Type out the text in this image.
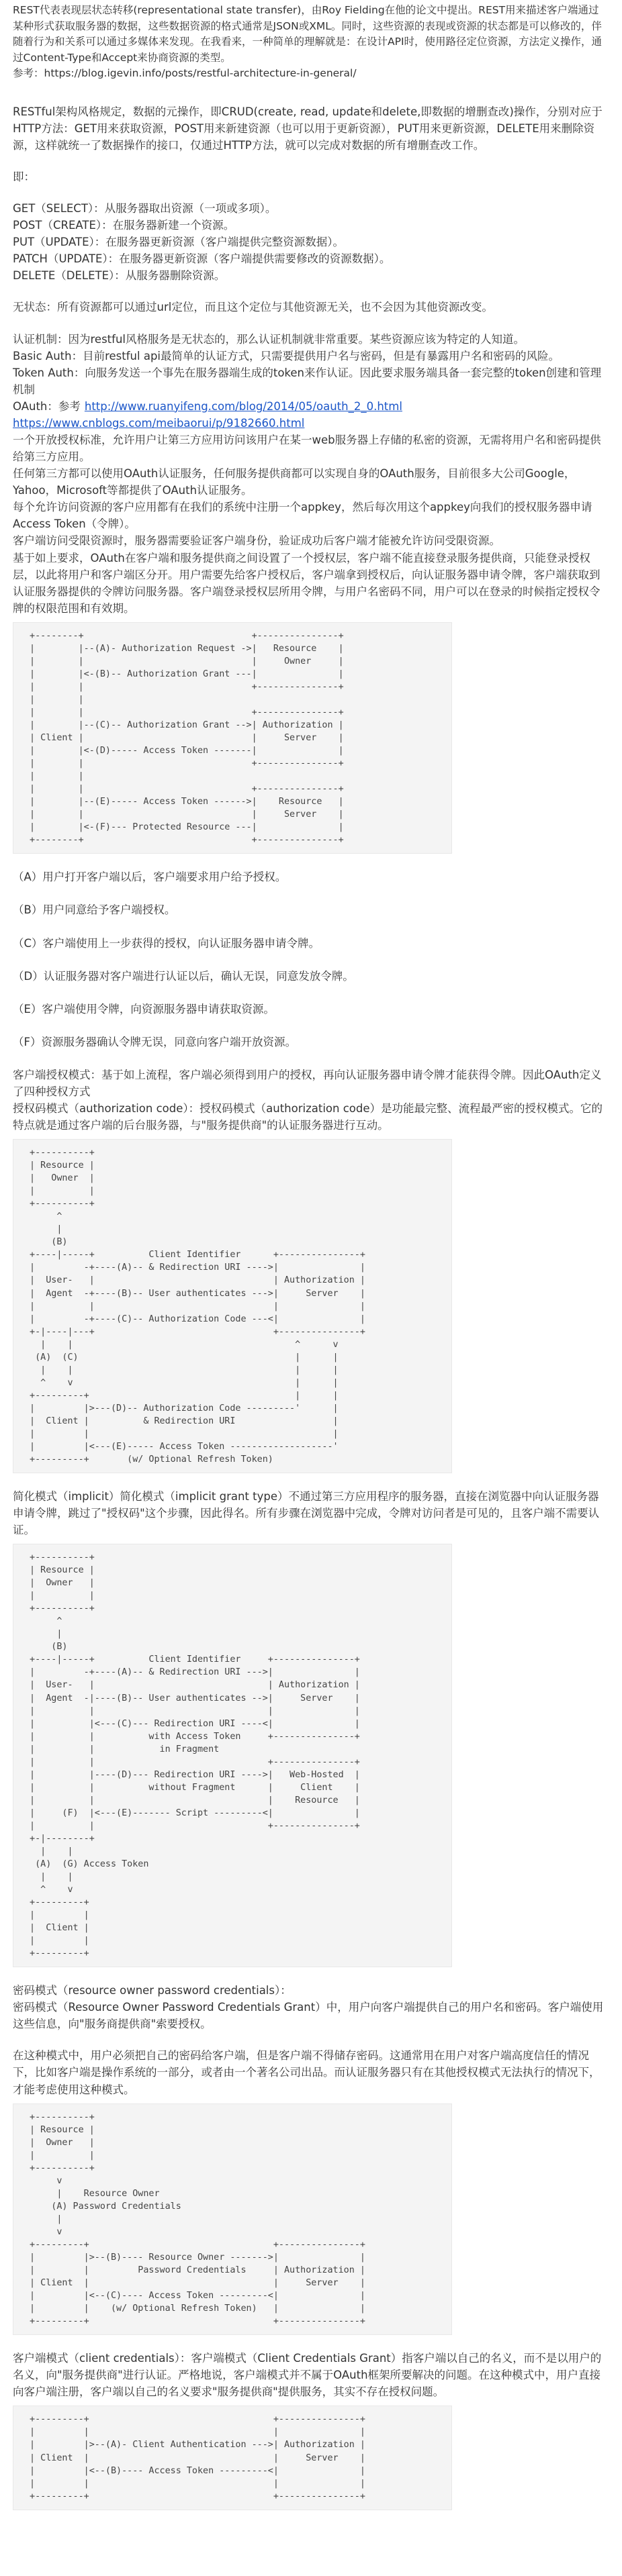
REST代表表现层状态转移(representational state transfer)，由Roy Fielding在他的论文中提出。REST用来描述客户端通过某种形式获取服务器的数据，这些数据资源的格式通常是JSON或XML。同时，这些资源的表现或资源的状态都是可以修改的，伴随着行为和关系可以通过多媒体来发现。在我看来，一种简单的理解就是：在设计API时，使用路径定位资源，方法定义操作，通过Content-Type和Accept来协商资源的类型。

参考：https://blog.igevin.info/posts/restful-architecture-in-general/

RESTful架构风格规定，数据的元操作，即CRUD(create, read, update和delete,即数据的增删查改)操作，分别对应于HTTP方法：GET用来获取资源，POST用来新建资源（也可以用于更新资源），PUT用来更新资源，DELETE用来删除资源，这样就统一了数据操作的接口，仅通过HTTP方法，就可以完成对数据的所有增删查改工作。

即：

GET（SELECT）：从服务器取出资源（一项或多项）。

POST（CREATE）：在服务器新建一个资源。

PUT（UPDATE）：在服务器更新资源（客户端提供完整资源数据）。

PATCH（UPDATE）：在服务器更新资源（客户端提供需要修改的资源数据）。

DELETE（DELETE）：从服务器删除资源。

无状态：所有资源都可以通过url定位，而且这个定位与其他资源无关，也不会因为其他资源改变。

认证机制：因为restful风格服务是无状态的，那么认证机制就非常重要。某些资源应该为特定的人知道。

Basic Auth：目前restful api最简单的认证方式，只需要提供用户名与密码，但是有暴露用户名和密码的风险。

Token Auth：向服务发送一个事先在服务器端生成的token来作认证。因此要求服务端具备一套完整的token创建和管理机制

OAuth：参考 http://www.ruanyifeng.com/blog/2014/05/oauth_2_0.html

https://www.cnblogs.com/meibaorui/p/9182660.html

一个开放授权标准，允许用户让第三方应用访问该用户在某一web服务器上存储的私密的资源，无需将用户名和密码提供给第三方应用。
任何第三方都可以使用OAuth认证服务，任何服务提供商都可以实现自身的OAuth服务，目前很多大公司Google，Yahoo，Microsoft等都提供了OAuth认证服务。
每个允许访问资源的客户应用都有在我们的系统中注册一个appkey，然后每次用这个appkey向我们的授权服务器申请Access Token（令牌）。
客户端访问受限资源时，服务器需要验证客户端身份，验证成功后客户端才能被允许访问受限资源。
基于如上要求，OAuth在客户端和服务提供商之间设置了一个授权层，客户端不能直接登录服务提供商，只能登录授权层，以此将用户和客户端区分开。用户需要先给客户授权后，客户端拿到授权后，向认证服务器申请令牌，客户端获取到认证服务器提供的令牌访问服务器。客户端登录授权层所用令牌，与用户名密码不同，用户可以在登录的时候指定授权令牌的权限范围和有效期。

+--------+                               +---------------+
|        |--(A)- Authorization Request ->|   Resource    |
|        |                               |     Owner     |
|        |<-(B)-- Authorization Grant ---|               |
|        |                               +---------------+
|        |
|        |                               +---------------+
|        |--(C)-- Authorization Grant -->| Authorization |
| Client |                               |     Server    |
|        |<-(D)----- Access Token -------|               |
|        |                               +---------------+
|        |
|        |                               +---------------+
|        |--(E)----- Access Token ------>|    Resource   |
|        |                               |     Server    |
|        |<-(F)--- Protected Resource ---|               |
+--------+                               +---------------+

（A）用户打开客户端以后，客户端要求用户给予授权。

（B）用户同意给予客户端授权。

（C）客户端使用上一步获得的授权，向认证服务器申请令牌。

（D）认证服务器对客户端进行认证以后，确认无误，同意发放令牌。

（E）客户端使用令牌，向资源服务器申请获取资源。

（F）资源服务器确认令牌无误，同意向客户端开放资源。

客户端授权模式：基于如上流程，客户端必须得到用户的授权，再向认证服务器申请令牌才能获得令牌。因此OAuth定义了四种授权方式

授权码模式（authorization code）：授权码模式（authorization code）是功能最完整、流程最严密的授权模式。它的特点就是通过客户端的后台服务器，与"服务提供商"的认证服务器进行互动。

+----------+
| Resource |
|   Owner  |
|          |
+----------+
^
|
(B)
+----|-----+          Client Identifier      +---------------+
|         -+----(A)-- & Redirection URI ---->|               |
|  User-   |                                 | Authorization |
|  Agent  -+----(B)-- User authenticates --->|     Server    |
|          |                                 |               |
|         -+----(C)-- Authorization Code ---<|               |
+-|----|---+                                 +---------------+
|    |                                         ^      v
(A)  (C)                                        |      |
|    |                                         |      |
^    v                                         |      |
+---------+                                      |      |
|         |>---(D)-- Authorization Code ---------'      |
|  Client |          & Redirection URI                  |
|         |                                             |
|         |<---(E)----- Access Token -------------------'
+---------+       (w/ Optional Refresh Token)

简化模式（implicit）简化模式（implicit grant type）不通过第三方应用程序的服务器，直接在浏览器中向认证服务器申请令牌，跳过了"授权码"这个步骤，因此得名。所有步骤在浏览器中完成，令牌对访问者是可见的，且客户端不需要认证。

+----------+
| Resource |
|  Owner   |
|          |
+----------+
^
|
(B)
+----|-----+          Client Identifier     +---------------+
|         -+----(A)-- & Redirection URI --->|               |
|  User-   |                                | Authorization |
|  Agent  -|----(B)-- User authenticates -->|     Server    |
|          |                                |               |
|          |<---(C)--- Redirection URI ----<|               |
|          |          with Access Token     +---------------+
|          |            in Fragment
|          |                                +---------------+
|          |----(D)--- Redirection URI ---->|   Web-Hosted  |
|          |          without Fragment      |     Client    |
|          |                                |    Resource   |
|     (F)  |<---(E)------- Script ---------<|               |
|          |                                +---------------+
+-|--------+
|    |
(A)  (G) Access Token
|    |
^    v
+---------+
|         |
|  Client |
|         |
+---------+

密码模式（resource owner password credentials）：

密码模式（Resource Owner Password Credentials Grant）中，用户向客户端提供自己的用户名和密码。客户端使用这些信息，向"服务商提供商"索要授权。

在这种模式中，用户必须把自己的密码给客户端，但是客户端不得储存密码。这通常用在用户对客户端高度信任的情况下，比如客户端是操作系统的一部分，或者由一个著名公司出品。而认证服务器只有在其他授权模式无法执行的情况下，才能考虑使用这种模式。

+----------+
| Resource |
|  Owner   |
|          |
+----------+
v
|    Resource Owner
(A) Password Credentials
|
v
+---------+                                  +---------------+
|         |>--(B)---- Resource Owner ------->|               |
|         |         Password Credentials     | Authorization |
| Client  |                                  |     Server    |
|         |<--(C)---- Access Token ---------<|               |
|         |    (w/ Optional Refresh Token)   |               |
+---------+                                  +---------------+

客户端模式（client credentials）：客户端模式（Client Credentials Grant）指客户端以自己的名义，而不是以用户的名义，向"服务提供商"进行认证。严格地说，客户端模式并不属于OAuth框架所要解决的问题。在这种模式中，用户直接向客户端注册，客户端以自己的名义要求"服务提供商"提供服务，其实不存在授权问题。

+---------+                                  +---------------+
|         |                                  |               |
|         |>--(A)- Client Authentication --->| Authorization |
| Client  |                                  |     Server    |
|         |<--(B)---- Access Token ---------<|               |
|         |                                  |               |
+---------+                                  +---------------+
